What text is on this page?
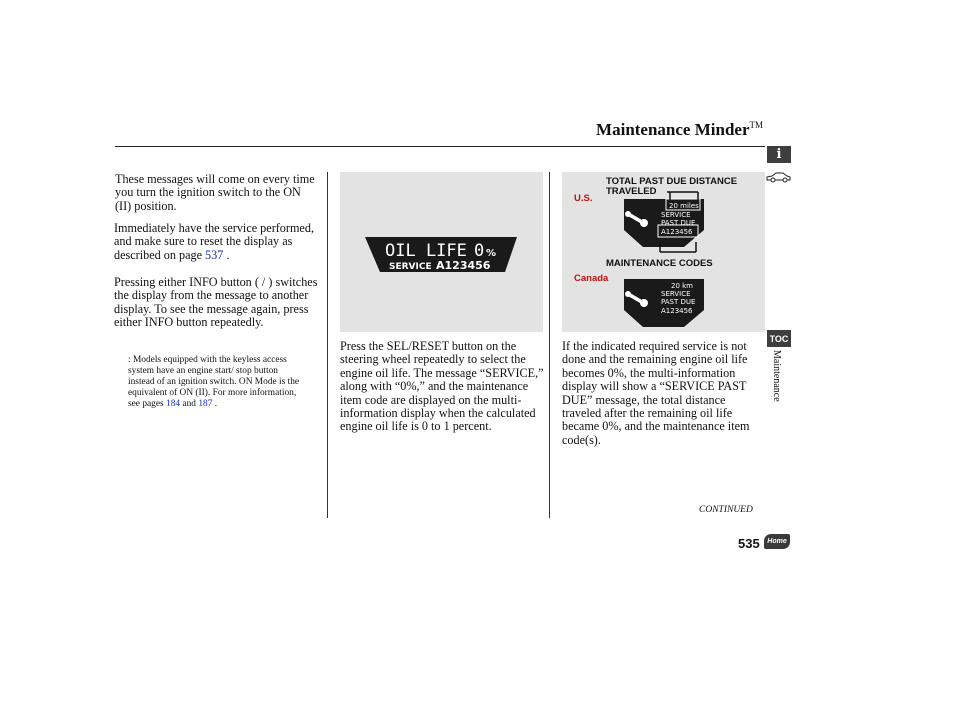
Maintenance Minder™
These messages will come on every time you turn the ignition switch to the ON (II) position.
Immediately have the service performed, and make sure to reset the display as described on page 537 .
Pressing either INFO button ( / ) switches the display from the message to another display. To see the message again, press either INFO button repeatedly.
: Models equipped with the keyless access system have an engine start/ stop button instead of an ignition switch. ON Mode is the equivalent of ON (II). For more information, see pages 184 and 187 .
OIL LIFE 0 %
SERVICE A123456
Press the SEL/RESET button on the steering wheel repeatedly to select the engine oil life. The message “SERVICE,” along with “0%,” and the maintenance item code are displayed on the multi-information display when the calculated engine oil life is 0 to 1 percent.
20 miles
SERVICE
PAST DUE
A123456
20 km
SERVICE
PAST DUE
A123456
TOTAL PAST DUE DISTANCE TRAVELED
U.S.
MAINTENANCE CODES
Canada
If the indicated required service is not done and the remaining engine oil life becomes 0%, the multi-information display will show a “SERVICE PAST DUE” message, the total distance traveled after the remaining oil life became 0%, and the maintenance item code(s).
i
TOC
Maintenance
CONTINUED
535	Home
